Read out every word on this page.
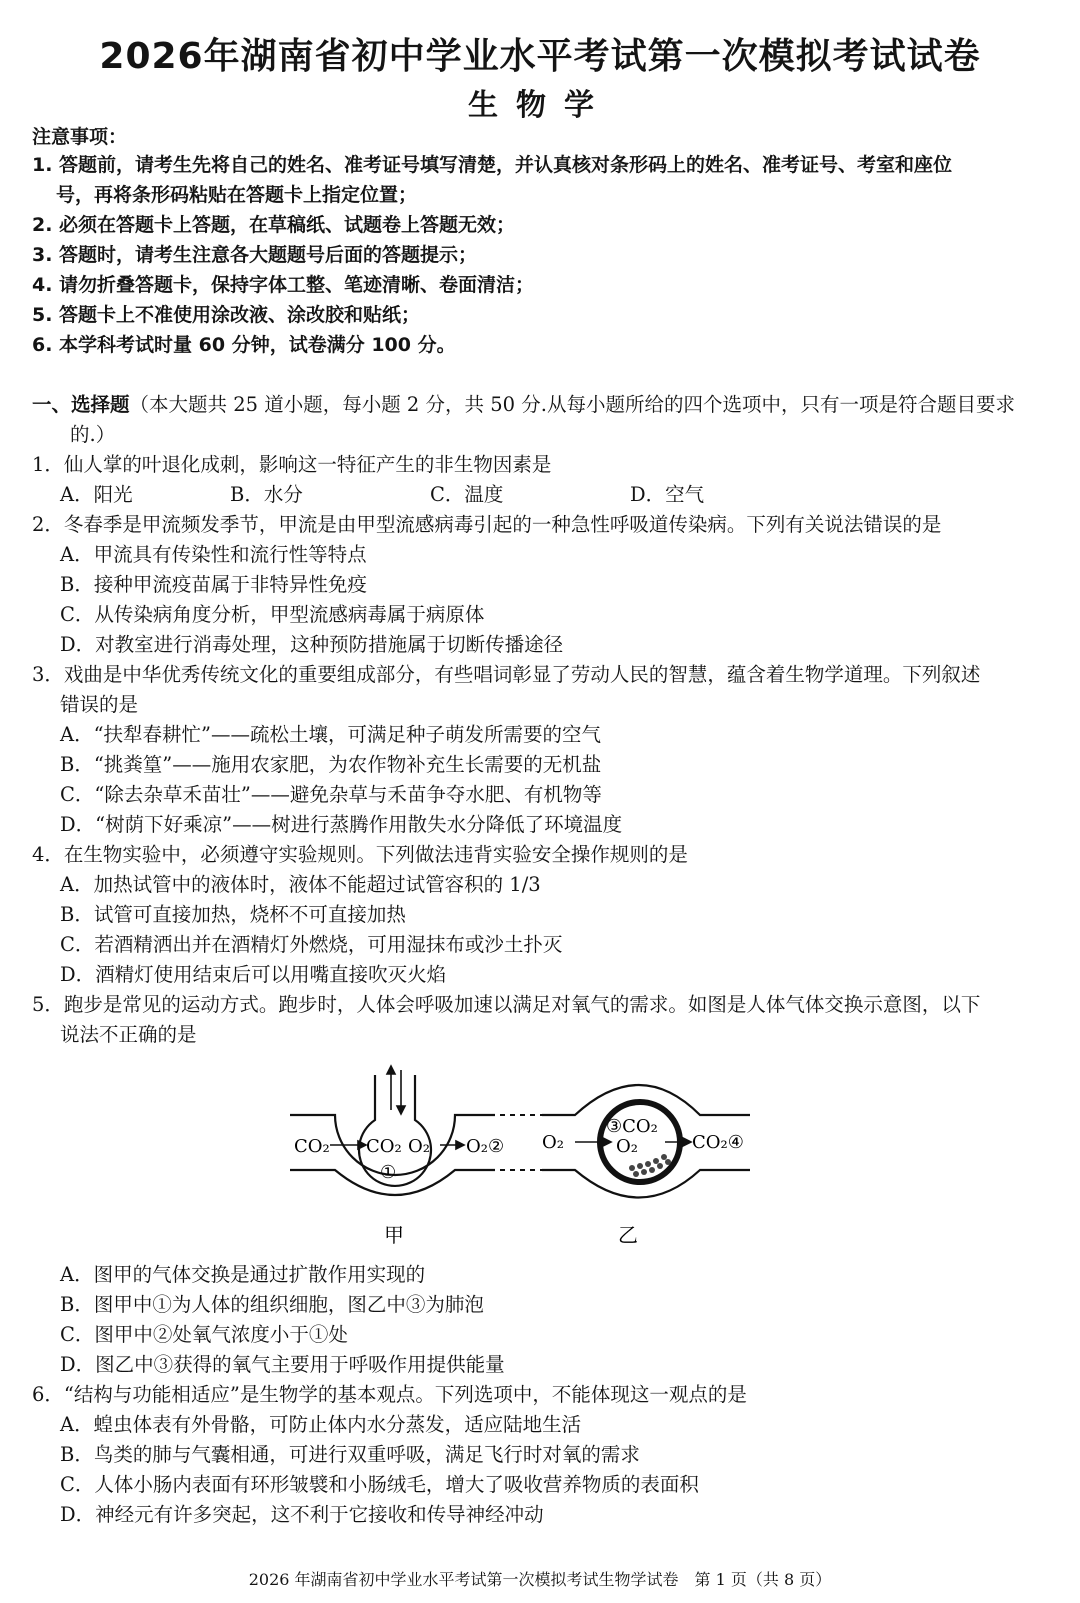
2026年湖南省初中学业水平考试第一次模拟考试试卷
生物学
注意事项：
1. 答题前，请考生先将自己的姓名、准考证号填写清楚，并认真核对条形码上的姓名、准考证号、考室和座位
号，再将条形码粘贴在答题卡上指定位置；
2. 必须在答题卡上答题，在草稿纸、试题卷上答题无效；
3. 答题时，请考生注意各大题题号后面的答题提示；
4. 请勿折叠答题卡，保持字体工整、笔迹清晰、卷面清洁；
5. 答题卡上不准使用涂改液、涂改胶和贴纸；
6. 本学科考试时量 60 分钟，试卷满分 100 分。
一、选择题（本大题共 25 道小题，每小题 2 分，共 50 分.从每小题所给的四个选项中，只有一项是符合题目要求
的.）
1．仙人掌的叶退化成刺，影响这一特征产生的非生物因素是
A．阳光	B．水分	C．温度	D．空气
2．冬春季是甲流频发季节，甲流是由甲型流感病毒引起的一种急性呼吸道传染病。下列有关说法错误的是
A．甲流具有传染性和流行性等特点
B．接种甲流疫苗属于非特异性免疫
C．从传染病角度分析，甲型流感病毒属于病原体
D．对教室进行消毒处理，这种预防措施属于切断传播途径
3．戏曲是中华优秀传统文化的重要组成部分，有些唱词彰显了劳动人民的智慧，蕴含着生物学道理。下列叙述
错误的是
A．“扶犁春耕忙”——疏松土壤，可满足种子萌发所需要的空气
B．“挑粪篁”——施用农家肥，为农作物补充生长需要的无机盐
C．“除去杂草禾苗壮”——避免杂草与禾苗争夺水肥、有机物等
D．“树荫下好乘凉”——树进行蒸腾作用散失水分降低了环境温度
4．在生物实验中，必须遵守实验规则。下列做法违背实验安全操作规则的是
A．加热试管中的液体时，液体不能超过试管容积的 1/3
B．试管可直接加热，烧杯不可直接加热
C．若酒精洒出并在酒精灯外燃烧，可用湿抹布或沙土扑灭
D．酒精灯使用结束后可以用嘴直接吹灭火焰
5．跑步是常见的运动方式。跑步时，人体会呼吸加速以满足对氧气的需求。如图是人体气体交换示意图，以下
说法不正确的是
CO₂ CO₂ O₂
①
O₂② O₂
③CO₂
O₂	CO₂④
甲	乙
A．图甲的气体交换是通过扩散作用实现的
B．图甲中①为人体的组织细胞，图乙中③为肺泡
C．图甲中②处氧气浓度小于①处
D．图乙中③获得的氧气主要用于呼吸作用提供能量
6．“结构与功能相适应”是生物学的基本观点。下列选项中，不能体现这一观点的是
A．蝗虫体表有外骨骼，可防止体内水分蒸发，适应陆地生活
B．鸟类的肺与气囊相通，可进行双重呼吸，满足飞行时对氧的需求
C．人体小肠内表面有环形皱襞和小肠绒毛，增大了吸收营养物质的表面积
D．神经元有许多突起，这不利于它接收和传导神经冲动
2026 年湖南省初中学业水平考试第一次模拟考试生物学试卷　第 1 页（共 8 页）
